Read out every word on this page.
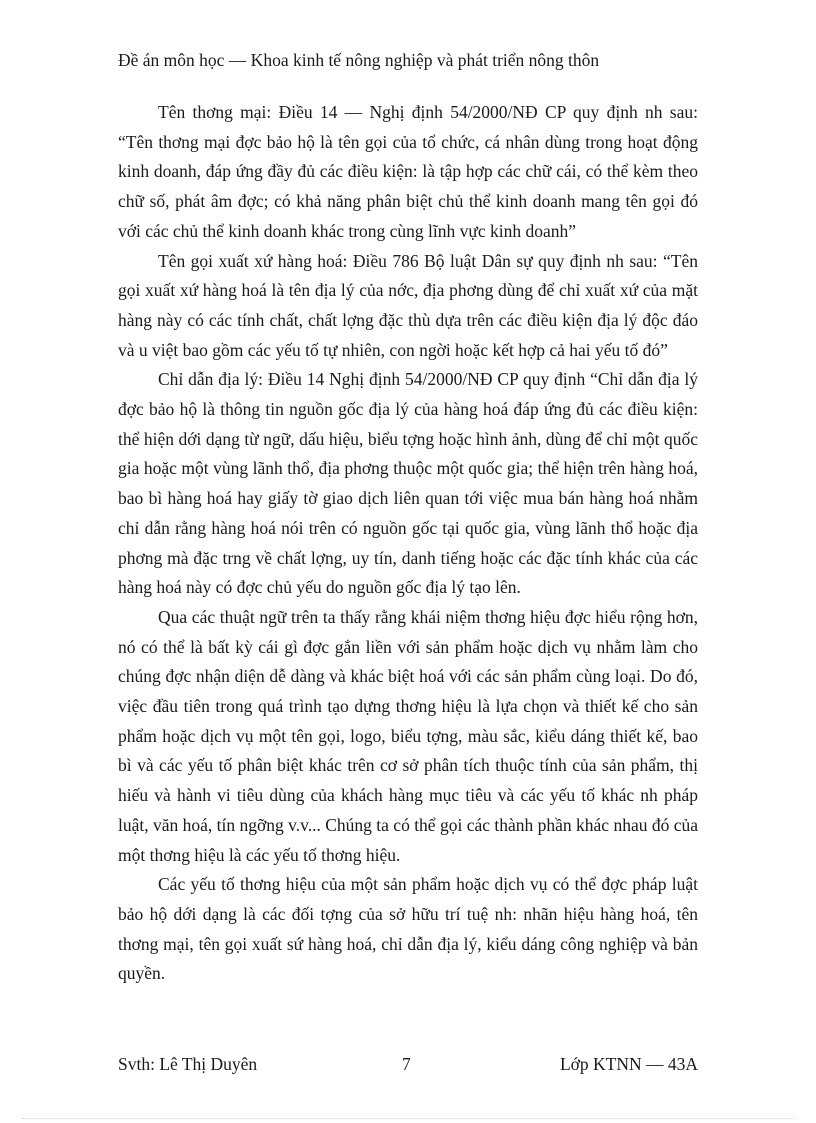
Đề án môn học — Khoa kinh tế nông nghiệp và phát triển nông thôn

Tên thơng mại: Điều 14 — Nghị định 54/2000/NĐ CP quy định nh sau: “Tên thơng mại đợc bảo hộ là tên gọi của tổ chức, cá nhân dùng trong hoạt động kinh doanh, đáp ứng đầy đủ các điều kiện: là tập hợp các chữ cái, có thể kèm theo chữ số, phát âm đợc; có khả năng phân biệt chủ thể kinh doanh mang tên gọi đó với các chủ thể kinh doanh khác trong cùng lĩnh vực kinh doanh”

Tên gọi xuất xứ hàng hoá: Điều 786 Bộ luật Dân sự quy định nh sau: “Tên gọi xuất xứ hàng hoá là tên địa lý của nớc, địa phơng dùng để chỉ xuất xứ của mặt hàng này có các tính chất, chất lợng đặc thù dựa trên các điều kiện địa lý độc đáo và u việt bao gồm các yếu tố tự nhiên, con ngời hoặc kết hợp cả hai yếu tố đó”

Chỉ dẫn địa lý: Điều 14 Nghị định 54/2000/NĐ CP quy định “Chỉ dẫn địa lý đợc bảo hộ là thông tin nguồn gốc địa lý của hàng hoá đáp ứng đủ các điều kiện: thể hiện dới dạng từ ngữ, dấu hiệu, biểu tợng hoặc hình ảnh, dùng để chỉ một quốc gia hoặc một vùng lãnh thổ, địa phơng thuộc một quốc gia; thể hiện trên hàng hoá, bao bì hàng hoá hay giấy tờ giao dịch liên quan tới việc mua bán hàng hoá nhằm chỉ dẫn rằng hàng hoá nói trên có nguồn gốc tại quốc gia, vùng lãnh thổ hoặc địa phơng mà đặc trng về chất lợng, uy tín, danh tiếng hoặc các đặc tính khác của các hàng hoá này có đợc chủ yếu do nguồn gốc địa lý tạo lên.

Qua các thuật ngữ trên ta thấy rằng khái niệm thơng hiệu đợc hiểu rộng hơn, nó có thể là bất kỳ cái gì đợc gắn liền với sản phẩm hoặc dịch vụ nhằm làm cho chúng đợc nhận diện dễ dàng và khác biệt hoá với các sản phẩm cùng loại. Do đó, việc đầu tiên trong quá trình tạo dựng thơng hiệu là lựa chọn và thiết kế cho sản phẩm hoặc dịch vụ một tên gọi, logo, biểu tợng, màu sắc, kiểu dáng thiết kế, bao bì và các yếu tố phân biệt khác trên cơ sở phân tích thuộc tính của sản phẩm, thị hiếu và hành vi tiêu dùng của khách hàng mục tiêu và các yếu tố khác nh pháp luật, văn hoá, tín ngỡng v.v... Chúng ta có thể gọi các thành phần khác nhau đó của một thơng hiệu là các yếu tố thơng hiệu.

Các yếu tố thơng hiệu của một sản phẩm hoặc dịch vụ có thể đợc pháp luật bảo hộ dới dạng là các đối tợng của sở hữu trí tuệ nh: nhãn hiệu hàng hoá, tên thơng mại, tên gọi xuất sứ hàng hoá, chỉ dẫn địa lý, kiểu dáng công nghiệp và bản quyền.

Svth: Lê Thị Duyên	7	Lớp KTNN — 43A
